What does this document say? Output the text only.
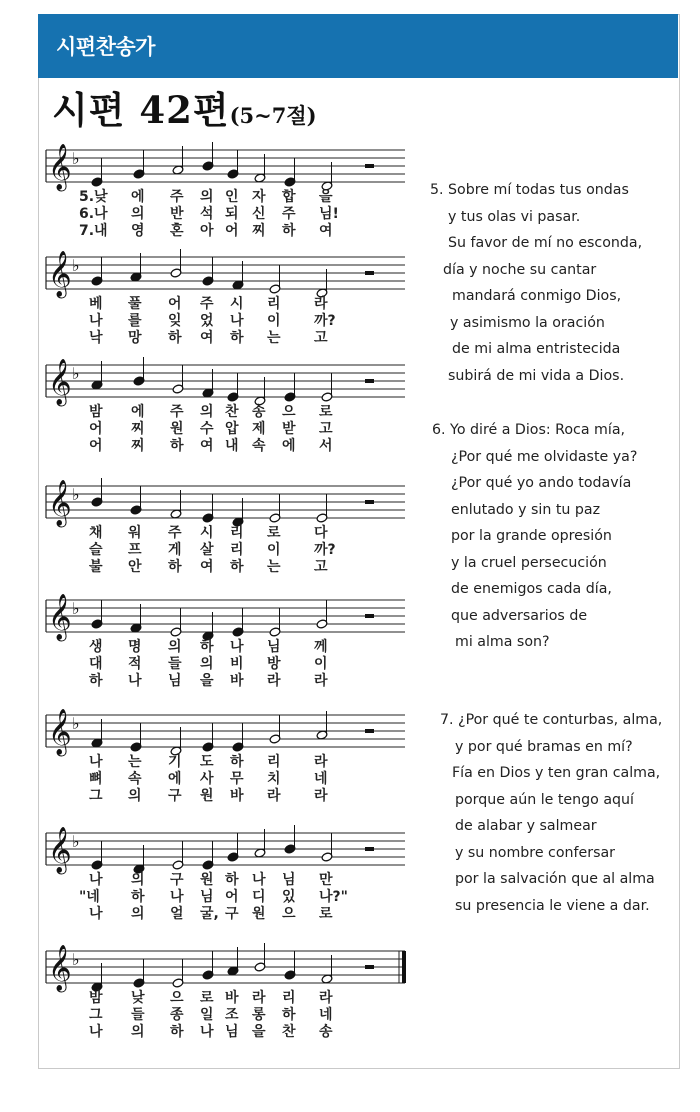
시편찬송가
시편 42편(5~7절)
𝄞 ♭
𝄞 ♭
𝄞 ♭
𝄞 ♭
𝄞 ♭
𝄞 ♭
𝄞 ♭
𝄞 ♭
5.낮 에 주 의 인 자 합 을
6.나 의 반 석 되 신 주 님!
7.내 영 혼 아 어 찌 하 여
베 풀 어 주 시 리 라
나 를 잊 었 나 이 까?
낙 망 하 여 하 는 고
밤 에 주 의 찬 송 으 로
어 찌 원 수 압 제 받 고
어 찌 하 여 내 속 에 서
채 워 주 시 리 로 다
슬 프 게 살 리 이 까?
불 안 하 여 하 는 고
생 명 의 하 나 님 께
대 적 들 의 비 방 이
하 나 님 을 바 라 라
나 는 기 도 하 리 라
뼈 속 에 사 무 치 네
그 의 구 원 바 라 라
나 의 구 원 하 나 님 만
"네 하 나 님 어 디 있 나?"
나 의 얼 굴, 구 원 으 로
밤 낮 으 로 바 라 리 라
그 들 종 일 조 롱 하 네
나 의 하 나 님 을 찬 송
5. Sobre mí todas tus ondas
y tus olas vi pasar.
Su favor de mí no esconda,
día y noche su cantar
mandará conmigo Dios,
y asimismo la oración
de mi alma entristecida
subirá de mi vida a Dios.
6. Yo diré a Dios: Roca mía,
¿Por qué me olvidaste ya?
¿Por qué yo ando todavía
enlutado y sin tu paz
por la grande opresión
y la cruel persecución
de enemigos cada día,
que adversarios de
mi alma son?
7. ¿Por qué te conturbas, alma,
y por qué bramas en mí?
Fía en Dios y ten gran calma,
porque aún le tengo aquí
de alabar y salmear
y su nombre confersar
por la salvación que al alma
su presencia le viene a dar.
